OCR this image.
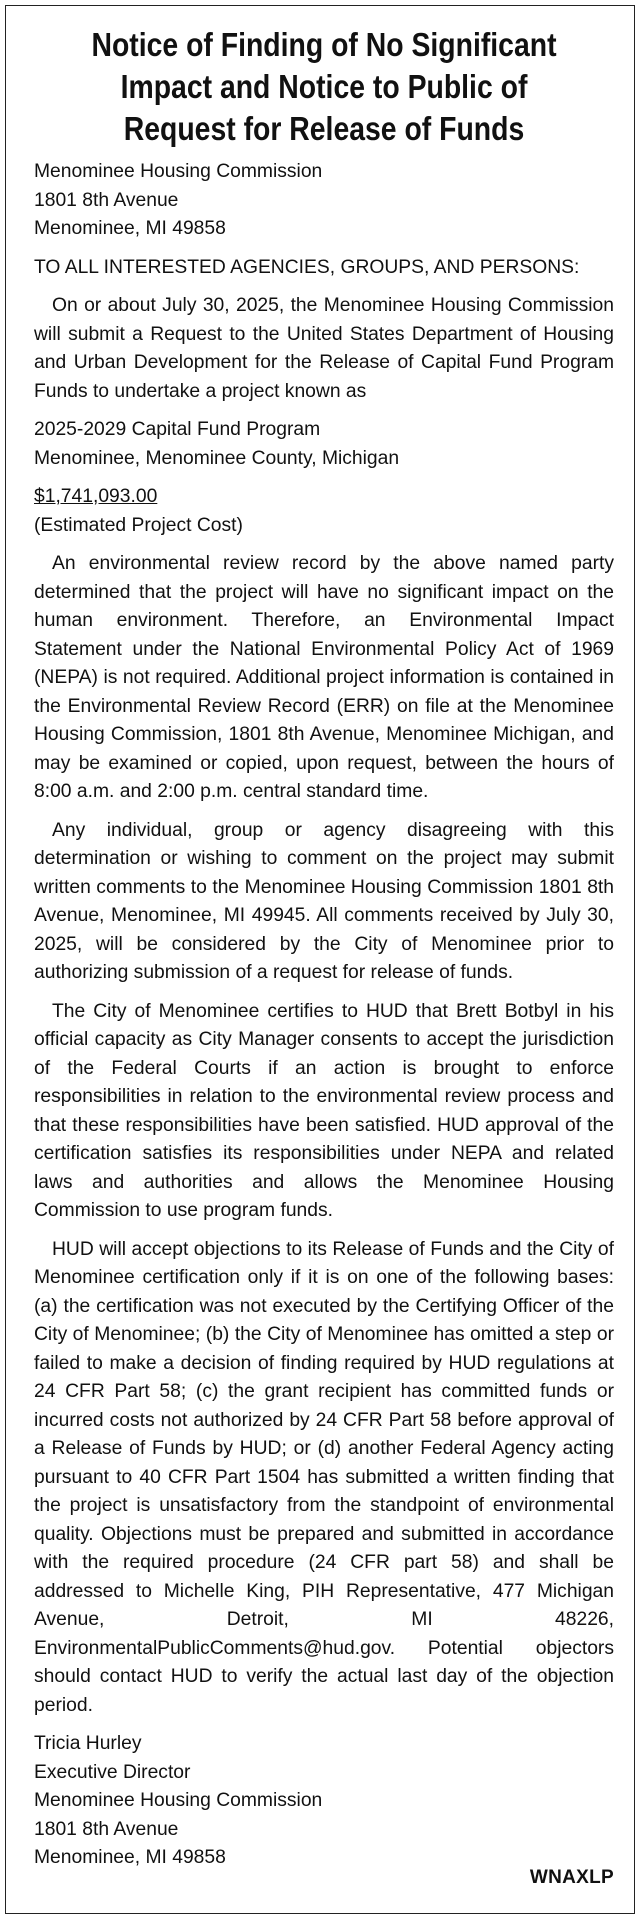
Notice of Finding of No Significant
Impact and Notice to Public of
Request for Release of Funds
Menominee Housing Commission
1801 8th Avenue
Menominee, MI 49858
TO ALL INTERESTED AGENCIES, GROUPS, AND PERSONS:

On or about July 30, 2025, the Menominee Housing Commission will submit a Request to the United States Department of Housing and Urban Development for the Release of Capital Fund Program Funds to undertake a project known as

2025-2029 Capital Fund Program
Menominee, Menominee County, Michigan
$1,741,093.00
(Estimated Project Cost)

An environmental review record by the above named party determined that the project will have no significant impact on the human environment. Therefore, an Environmental Impact Statement under the National Environmental Policy Act of 1969 (NEPA) is not required. Additional project information is contained in the Environmental Review Record (ERR) on file at the Menominee Housing Commission, 1801 8th Avenue, Menominee Michigan, and may be examined or copied, upon request, between the hours of 8:00 a.m. and 2:00 p.m. central standard time.

Any individual, group or agency disagreeing with this determination or wishing to comment on the project may submit written comments to the Menominee Housing Commission 1801 8th Avenue, Menominee, MI 49945. All comments received by July 30, 2025, will be considered by the City of Menominee prior to authorizing submission of a request for release of funds.

The City of Menominee certifies to HUD that Brett Botbyl in his official capacity as City Manager consents to accept the jurisdiction of the Federal Courts if an action is brought to enforce responsibilities in relation to the environmental review process and that these responsibilities have been satisfied. HUD approval of the certification satisfies its responsibilities under NEPA and related laws and authorities and allows the Menominee Housing Commission to use program funds.

HUD will accept objections to its Release of Funds and the City of Menominee certification only if it is on one of the following bases: (a) the certification was not executed by the Certifying Officer of the City of Menominee; (b) the City of Menominee has omitted a step or failed to make a decision of finding required by HUD regulations at 24 CFR Part 58; (c) the grant recipient has committed funds or incurred costs not authorized by 24 CFR Part 58 before approval of a Release of Funds by HUD; or (d) another Federal Agency acting pursuant to 40 CFR Part 1504 has submitted a written finding that the project is unsatisfactory from the standpoint of environmental quality. Objections must be prepared and submitted in accordance with the required procedure (24 CFR part 58) and shall be addressed to Michelle King, PIH Representative, 477 Michigan Avenue, Detroit, MI 48226, EnvironmentalPublicComments@hud.gov. Potential objectors should contact HUD to verify the actual last day of the objection period.

Tricia Hurley
Executive Director
Menominee Housing Commission
1801 8th Avenue
Menominee, MI 49858
WNAXLP
